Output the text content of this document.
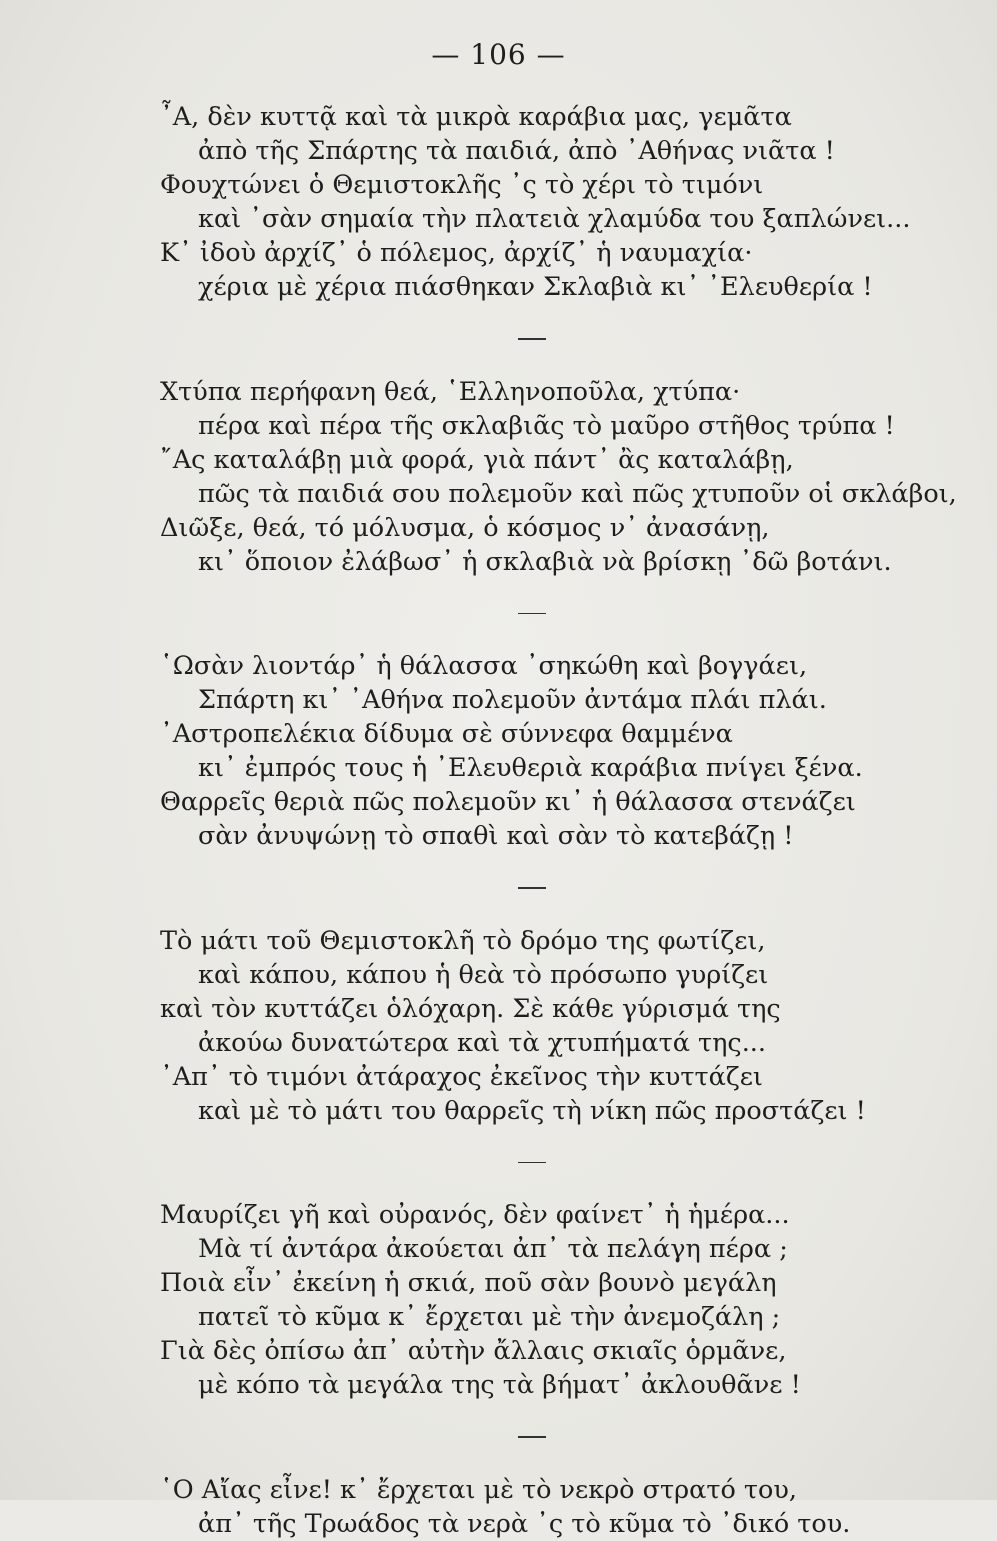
— 106 —
῏Α, δὲν κυττᾷ καὶ τὰ μικρὰ καράβια μας, γεμᾶτα
ἀπὸ τῆς Σπάρτης τὰ παιδιά, ἀπὸ ᾿Αθήνας νιᾶτα !
Φουχτώνει ὁ Θεμιστοκλῆς ᾿ς τὸ χέρι τὸ τιμόνι
καὶ ᾿σὰν σημαία τὴν πλατειὰ χλαμύδα του ξαπλώνει...
Κ᾿ ἰδοὺ ἀρχίζ᾿ ὁ πόλεμος, ἀρχίζ᾿ ἡ ναυμαχία·
χέρια μὲ χέρια πιάσθηκαν Σκλαβιὰ κι᾿ ᾿Ελευθερία !
Χτύπα περήφανη θεά, ῾Ελληνοποῦλα, χτύπα·
πέρα καὶ πέρα τῆς σκλαβιᾶς τὸ μαῦρο στῆθος τρύπα !
῎Ας καταλάβῃ μιὰ φορά, γιὰ πάντ᾿ ἂς καταλάβῃ,
πῶς τὰ παιδιά σου πολεμοῦν καὶ πῶς χτυποῦν οἱ σκλάβοι,
Διῶξε, θεά, τό μόλυσμα, ὁ κόσμος ν᾿ ἀνασάνῃ,
κι᾿ ὅποιον ἐλάβωσ᾿ ἡ σκλαβιὰ νὰ βρίσκῃ ᾿δῶ βοτάνι.
῾Ωσὰν λιοντάρ᾿ ἡ θάλασσα ᾿σηκώθη καὶ βογγάει,
Σπάρτη κι᾿ ᾿Αθήνα πολεμοῦν ἀντάμα πλάι πλάι.
᾿Αστροπελέκια δίδυμα σὲ σύννεφα θαμμένα
κι᾿ ἐμπρός τους ἡ ᾿Ελευθεριὰ καράβια πνίγει ξένα.
Θαρρεῖς θεριὰ πῶς πολεμοῦν κι᾿ ἡ θάλασσα στενάζει
σὰν ἀνυψώνῃ τὸ σπαθὶ καὶ σὰν τὸ κατεβάζῃ !
Τὸ μάτι τοῦ Θεμιστοκλῆ τὸ δρόμο της φωτίζει,
καὶ κάπου, κάπου ἡ θεὰ τὸ πρόσωπο γυρίζει
καὶ τὸν κυττάζει ὁλόχαρη. Σὲ κάθε γύρισμά της
ἀκούω δυνατώτερα καὶ τὰ χτυπήματά της...
᾿Απ᾿ τὸ τιμόνι ἀτάραχος ἐκεῖνος τὴν κυττάζει
καὶ μὲ τὸ μάτι του θαρρεῖς τὴ νίκη πῶς προστάζει !
Μαυρίζει γῆ καὶ οὐρανός, δὲν φαίνετ᾿ ἡ ἡμέρα...
Μὰ τί ἀντάρα ἀκούεται ἀπ᾿ τὰ πελάγη πέρα ;
Ποιὰ εἶν᾿ ἐκείνη ἡ σκιά, ποῦ σὰν βουνὸ μεγάλη
πατεῖ τὸ κῦμα κ᾿ ἔρχεται μὲ τὴν ἀνεμοζάλη ;
Γιὰ δὲς ὀπίσω ἀπ᾿ αὐτὴν ἄλλαις σκιαῖς ὁρμᾶνε,
μὲ κόπο τὰ μεγάλα της τὰ βήματ᾿ ἀκλουθᾶνε !
῾Ο Αἴας εἶνε! κ᾿ ἔρχεται μὲ τὸ νεκρὸ στρατό του,
ἀπ᾿ τῆς Τρωάδος τὰ νερὰ ᾿ς τὸ κῦμα τὸ ᾿δικό του.
